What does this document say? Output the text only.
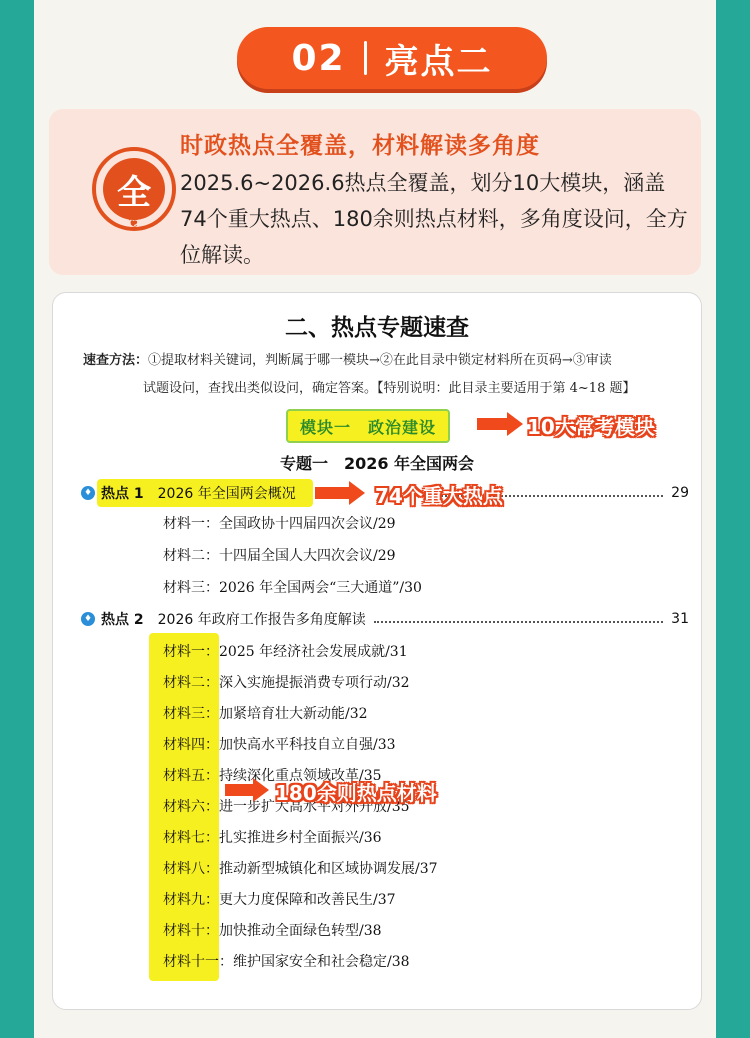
02 亮点二
全
❦
时政热点全覆盖，材料解读多角度
2025.6~2026.6热点全覆盖，划分10大模块，涵盖74个重大热点、180余则热点材料，多角度设问，全方位解读。
二、热点专题速查
速查方法：①提取材料关键词，判断属于哪一模块→②在此目录中锁定材料所在页码→③审读
试题设问，查找出类似设问，确定答案。【特别说明：此目录主要适用于第 4~18 题】
模块一　政治建设	10大常考模块
专题一　2026 年全国两会
♦ 热点 1 2026 年全国两会概况	29
74个重大热点
材料一： 全国政协十四届四次会议/29
材料二： 十四届全国人大四次会议/29
材料三： 2026 年全国两会“三大通道”/30
♦ 热点 2 2026 年政府工作报告多角度解读	31
材料一： 2025 年经济社会发展成就/31
材料二： 深入实施提振消费专项行动/32
材料三： 加紧培育壮大新动能/32
材料四： 加快高水平科技自立自强/33
材料五： 持续深化重点领域改革/35
材料六： 进一步扩大高水平对外开放/35
材料七： 扎实推进乡村全面振兴/36
材料八： 推动新型城镇化和区域协调发展/37
材料九： 更大力度保障和改善民生/37
材料十： 加快推动全面绿色转型/38
材料十一： 维护国家安全和社会稳定/38
180余则热点材料
